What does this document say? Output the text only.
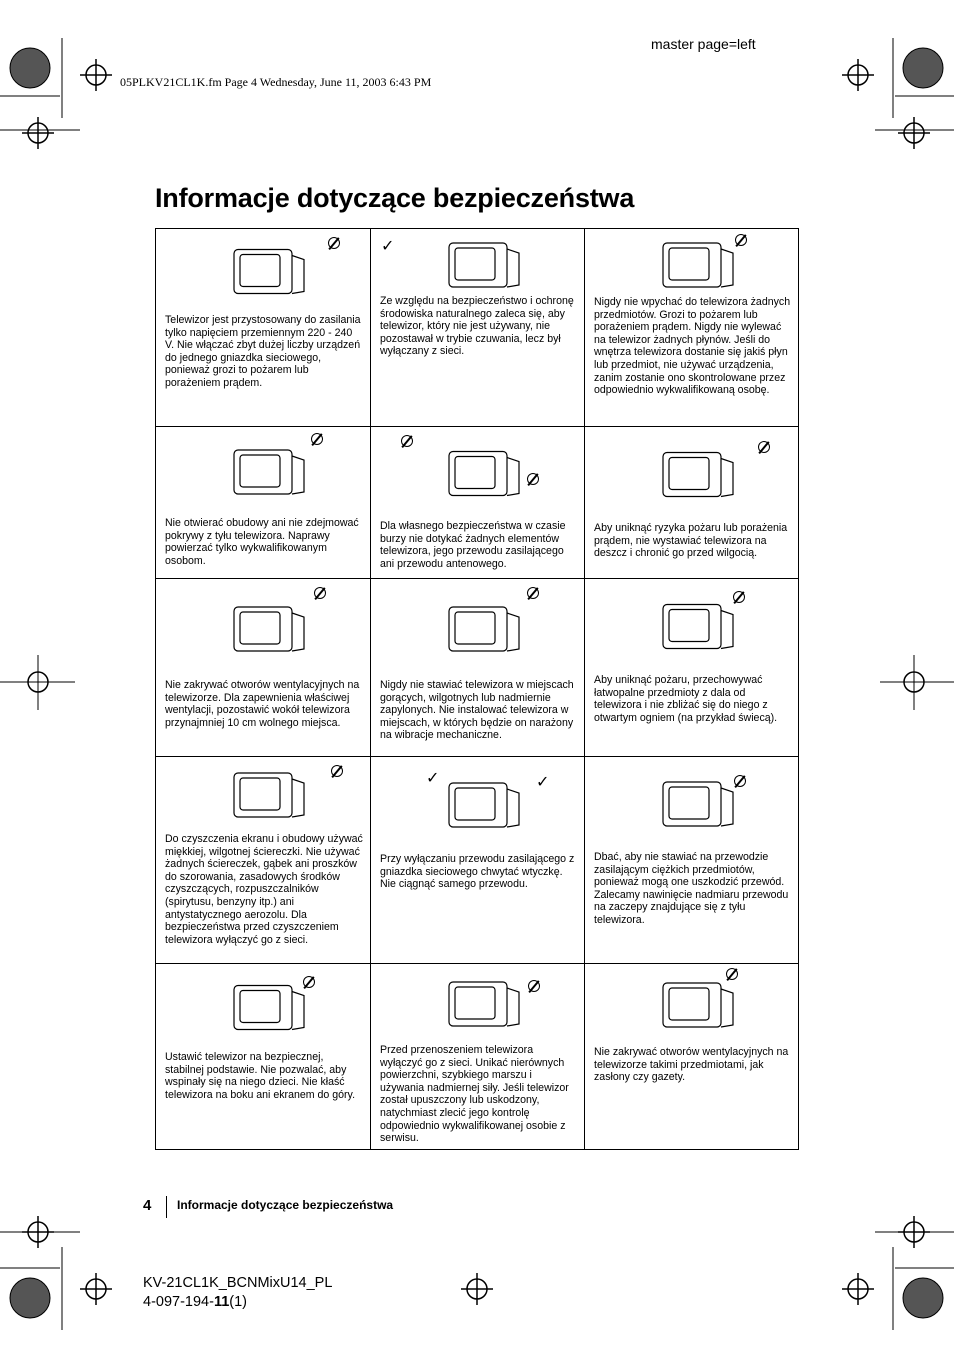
master page=left
05PLKV21CL1K.fm Page 4 Wednesday, June 11, 2003 6:43 PM
Informacje dotyczące bezpieczeństwa
Telewizor jest przystosowany do zasilania tylko napięciem przemiennym 220 - 240 V. Nie włączać zbyt dużej liczby urządzeń do jednego gniazdka sieciowego, ponieważ grozi to pożarem lub porażeniem prądem.
✓
Ze względu na bezpieczeństwo i ochronę środowiska naturalnego zaleca się, aby telewizor, który nie jest używany, nie pozostawał w trybie czuwania, lecz był wyłączany z sieci.
Nigdy nie wpychać do telewizora żadnych przedmiotów. Grozi to pożarem lub porażeniem prądem. Nigdy nie wylewać na telewizor żadnych płynów. Jeśli do wnętrza telewizora dostanie się jakiś płyn lub przedmiot, nie używać urządzenia, zanim zostanie ono skontrolowane przez odpowiednio wykwalifikowaną osobę.
Nie otwierać obudowy ani nie zdejmować pokrywy z tyłu telewizora. Naprawy powierzać tylko wykwalifikowanym osobom.
Dla własnego bezpieczeństwa w czasie burzy nie dotykać żadnych elementów telewizora, jego przewodu zasilającego ani przewodu antenowego.
Aby uniknąć ryzyka pożaru lub porażenia prądem, nie wystawiać telewizora na deszcz i chronić go przed wilgocią.
Nie zakrywać otworów wentylacyjnych na telewizorze. Dla zapewnienia właściwej wentylacji, pozostawić wokół telewizora przynajmniej 10 cm wolnego miejsca.
Nigdy nie stawiać telewizora w miejscach gorących, wilgotnych lub nadmiernie zapylonych. Nie instalować telewizora w miejscach, w których będzie on narażony na wibracje mechaniczne.
Aby uniknąć pożaru, przechowywać łatwopalne przedmioty z dala od telewizora i nie zbliżać się do niego z otwartym ogniem (na przykład świecą).
Do czyszczenia ekranu i obudowy używać miękkiej, wilgotnej ściereczki. Nie używać żadnych ściereczek, gąbek ani proszków do szorowania, zasadowych środków czyszczących, rozpuszczalników (spirytusu, benzyny itp.) ani antystatycznego aerozolu. Dla bezpieczeństwa przed czyszczeniem telewizora wyłączyć go z sieci.
✓
✓
Przy wyłączaniu przewodu zasilającego z gniazdka sieciowego chwytać wtyczkę. Nie ciągnąć samego przewodu.
Dbać, aby nie stawiać na przewodzie zasilającym ciężkich przedmiotów, ponieważ mogą one uszkodzić przewód. Zalecamy nawinięcie nadmiaru przewodu na zaczepy znajdujące się z tyłu telewizora.
Ustawić telewizor na bezpiecznej, stabilnej podstawie. Nie pozwalać, aby wspinały się na niego dzieci. Nie kłaść telewizora na boku ani ekranem do góry.
Przed przenoszeniem telewizora wyłączyć go z sieci. Unikać nierównych powierzchni, szybkiego marszu i używania nadmiernej siły. Jeśli telewizor został upuszczony lub uskodzony, natychmiast zlecić jego kontrolę odpowiednio wykwalifikowanej osobie z serwisu.
Nie zakrywać otworów wentylacyjnych na telewizorze takimi przedmiotami, jak zasłony czy gazety.
4 Informacje dotyczące bezpieczeństwa
KV-21CL1K_BCNMixU14_PL
4-097-194-11(1)
